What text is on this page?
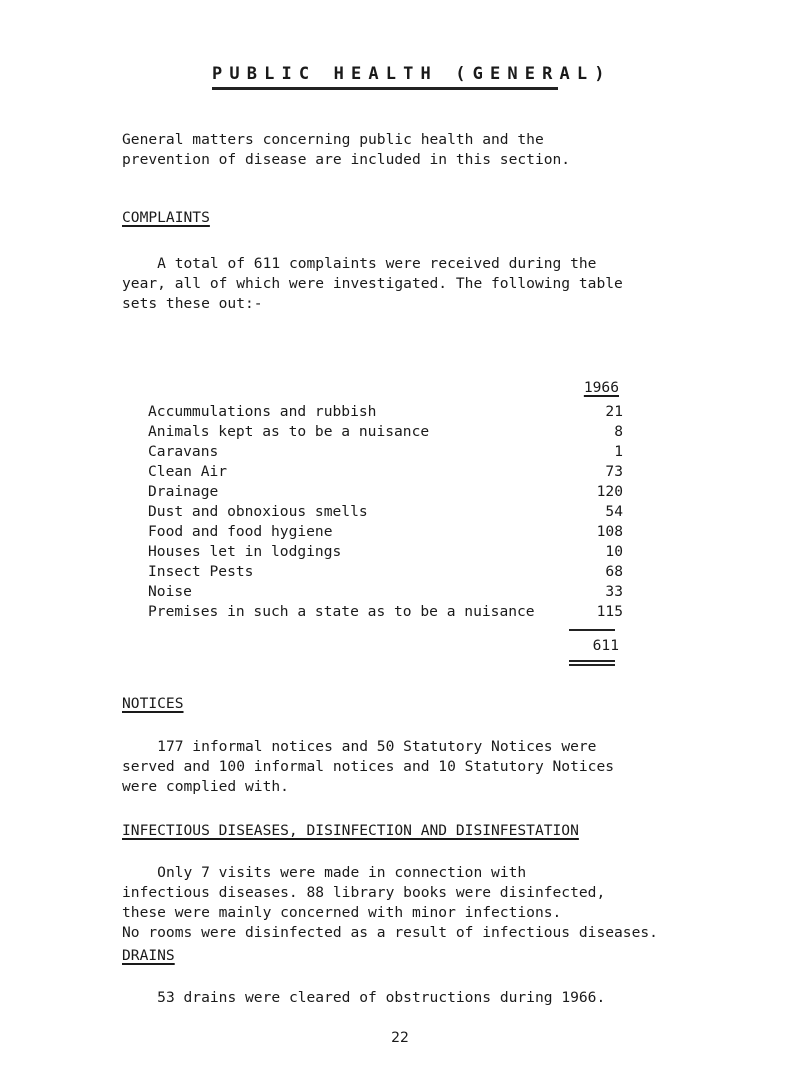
PUBLIC HEALTH (GENERAL)

General matters concerning public health and the
prevention of disease are included in this section.

COMPLAINTS

A total of 611 complaints were received during the
year, all of which were investigated. The following table
sets these out:-

1966
Accummulations and rubbish	21
Animals kept as to be a nuisance	8
Caravans	1
Clean Air	73
Drainage	120
Dust and obnoxious smells	54
Food and food hygiene	108
Houses let in lodgings	10
Insect Pests	68
Noise	33
Premises in such a state as to be a nuisance	115
611
NOTICES

177 informal notices and 50 Statutory Notices were
served and 100 informal notices and 10 Statutory Notices
were complied with.

INFECTIOUS DISEASES, DISINFECTION AND DISINFESTATION

Only 7 visits were made in connection with
infectious diseases. 88 library books were disinfected,
these were mainly concerned with minor infections.
No rooms were disinfected as a result of infectious diseases.

DRAINS

53 drains were cleared of obstructions during 1966.

22
